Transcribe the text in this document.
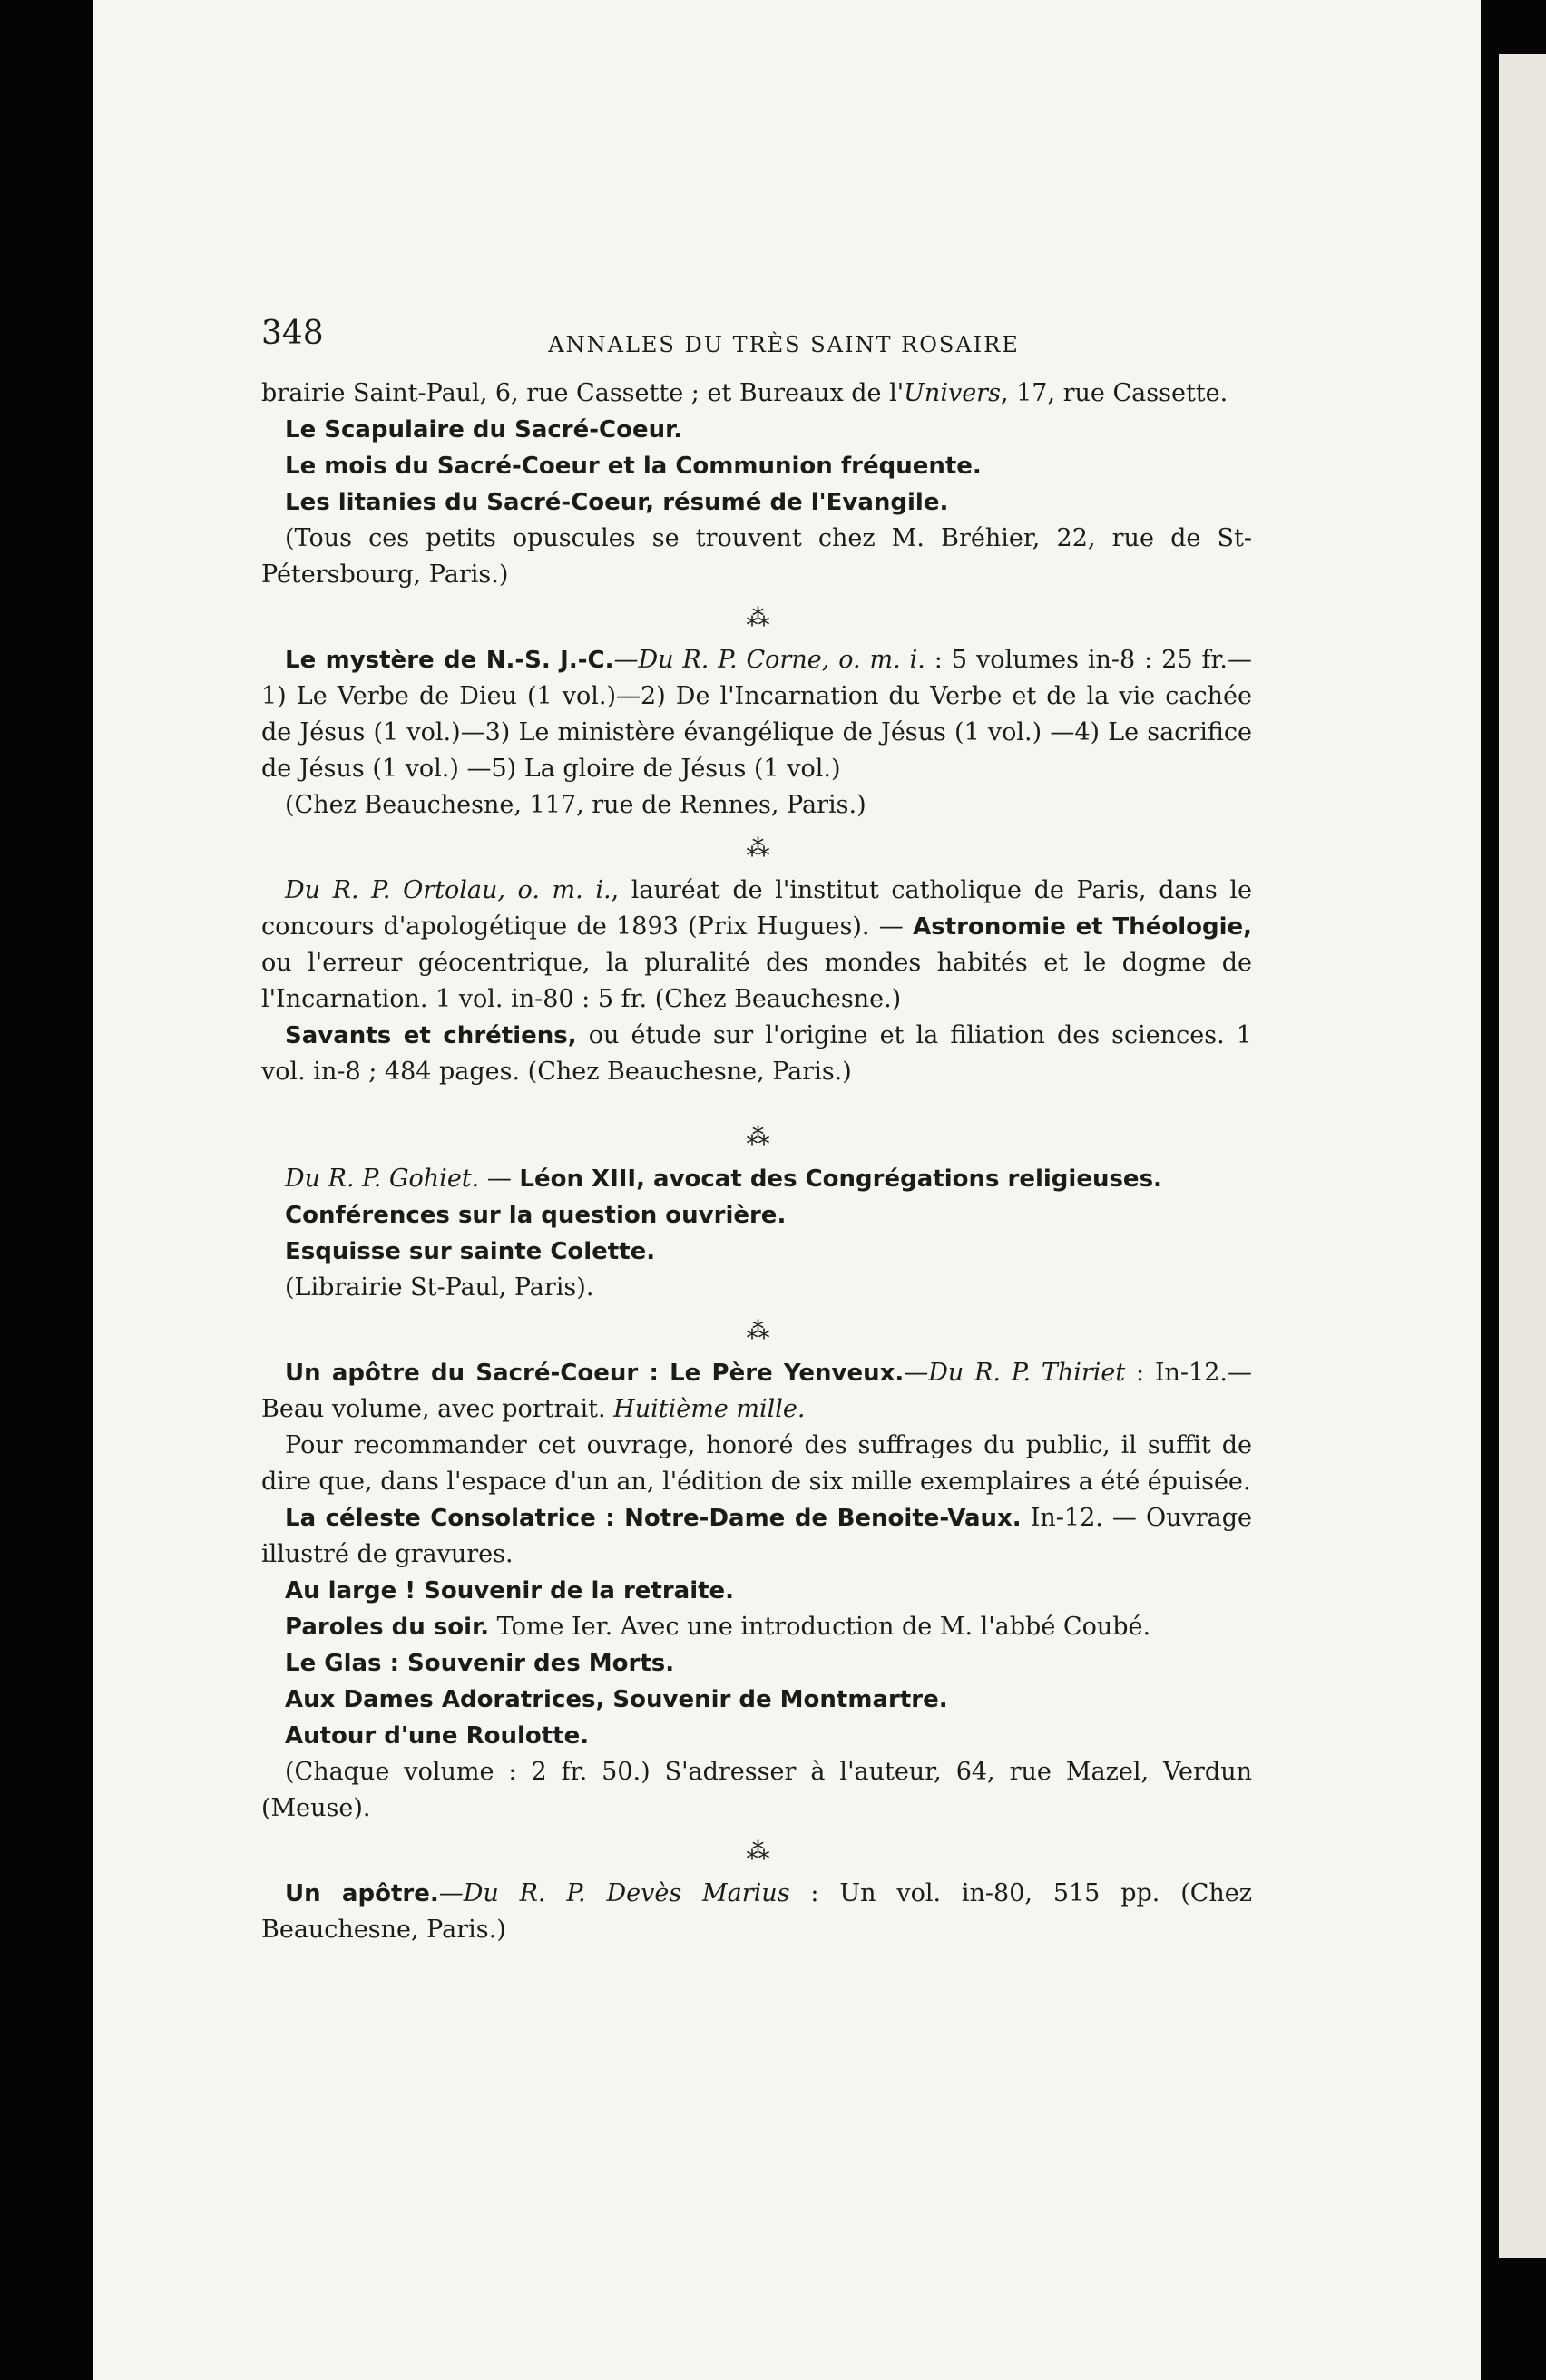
348	ANNALES DU TRÈS SAINT ROSAIRE

brairie Saint-Paul, 6, rue Cassette ; et Bureaux de l'Univers, 17, rue Cassette.

Le Scapulaire du Sacré-Coeur.

Le mois du Sacré-Coeur et la Communion fréquente.

Les litanies du Sacré-Coeur, résumé de l'Evangile.

(Tous ces petits opuscules se trouvent chez M. Bréhier, 22, rue de St-Pétersbourg, Paris.)

⁂

Le mystère de N.-S. J.-C.—Du R. P. Corne, o. m. i. : 5 volumes in-8 : 25 fr.—1) Le Verbe de Dieu (1 vol.)—2) De l'Incarnation du Verbe et de la vie cachée de Jésus (1 vol.)—3) Le ministère évangélique de Jésus (1 vol.) —4) Le sacrifice de Jésus (1 vol.) —5) La gloire de Jésus (1 vol.)

(Chez Beauchesne, 117, rue de Rennes, Paris.)

⁂

Du R. P. Ortolau, o. m. i., lauréat de l'institut catholique de Paris, dans le concours d'apologétique de 1893 (Prix Hugues). — Astronomie et Théologie, ou l'erreur géocentrique, la pluralité des mondes habités et le dogme de l'Incarnation. 1 vol. in-80 : 5 fr. (Chez Beauchesne.)

Savants et chrétiens, ou étude sur l'origine et la filiation des sciences. 1 vol. in-8 ; 484 pages. (Chez Beauchesne, Paris.)

⁂

Du R. P. Gohiet. — Léon XIII, avocat des Congrégations religieuses.

Conférences sur la question ouvrière.

Esquisse sur sainte Colette.

(Librairie St-Paul, Paris).

⁂

Un apôtre du Sacré-Coeur : Le Père Yenveux.—Du R. P. Thiriet : In-12.—Beau volume, avec portrait. Huitième mille.

Pour recommander cet ouvrage, honoré des suffrages du public, il suffit de dire que, dans l'espace d'un an, l'édition de six mille exemplaires a été épuisée.

La céleste Consolatrice : Notre-Dame de Benoite-Vaux. In-12. — Ouvrage illustré de gravures.

Au large ! Souvenir de la retraite.

Paroles du soir. Tome Ier. Avec une introduction de M. l'abbé Coubé.

Le Glas : Souvenir des Morts.

Aux Dames Adoratrices, Souvenir de Montmartre.

Autour d'une Roulotte.

(Chaque volume : 2 fr. 50.) S'adresser à l'auteur, 64, rue Mazel, Verdun (Meuse).

⁂

Un apôtre.—Du R. P. Devès Marius : Un vol. in-80, 515 pp. (Chez Beauchesne, Paris.)
